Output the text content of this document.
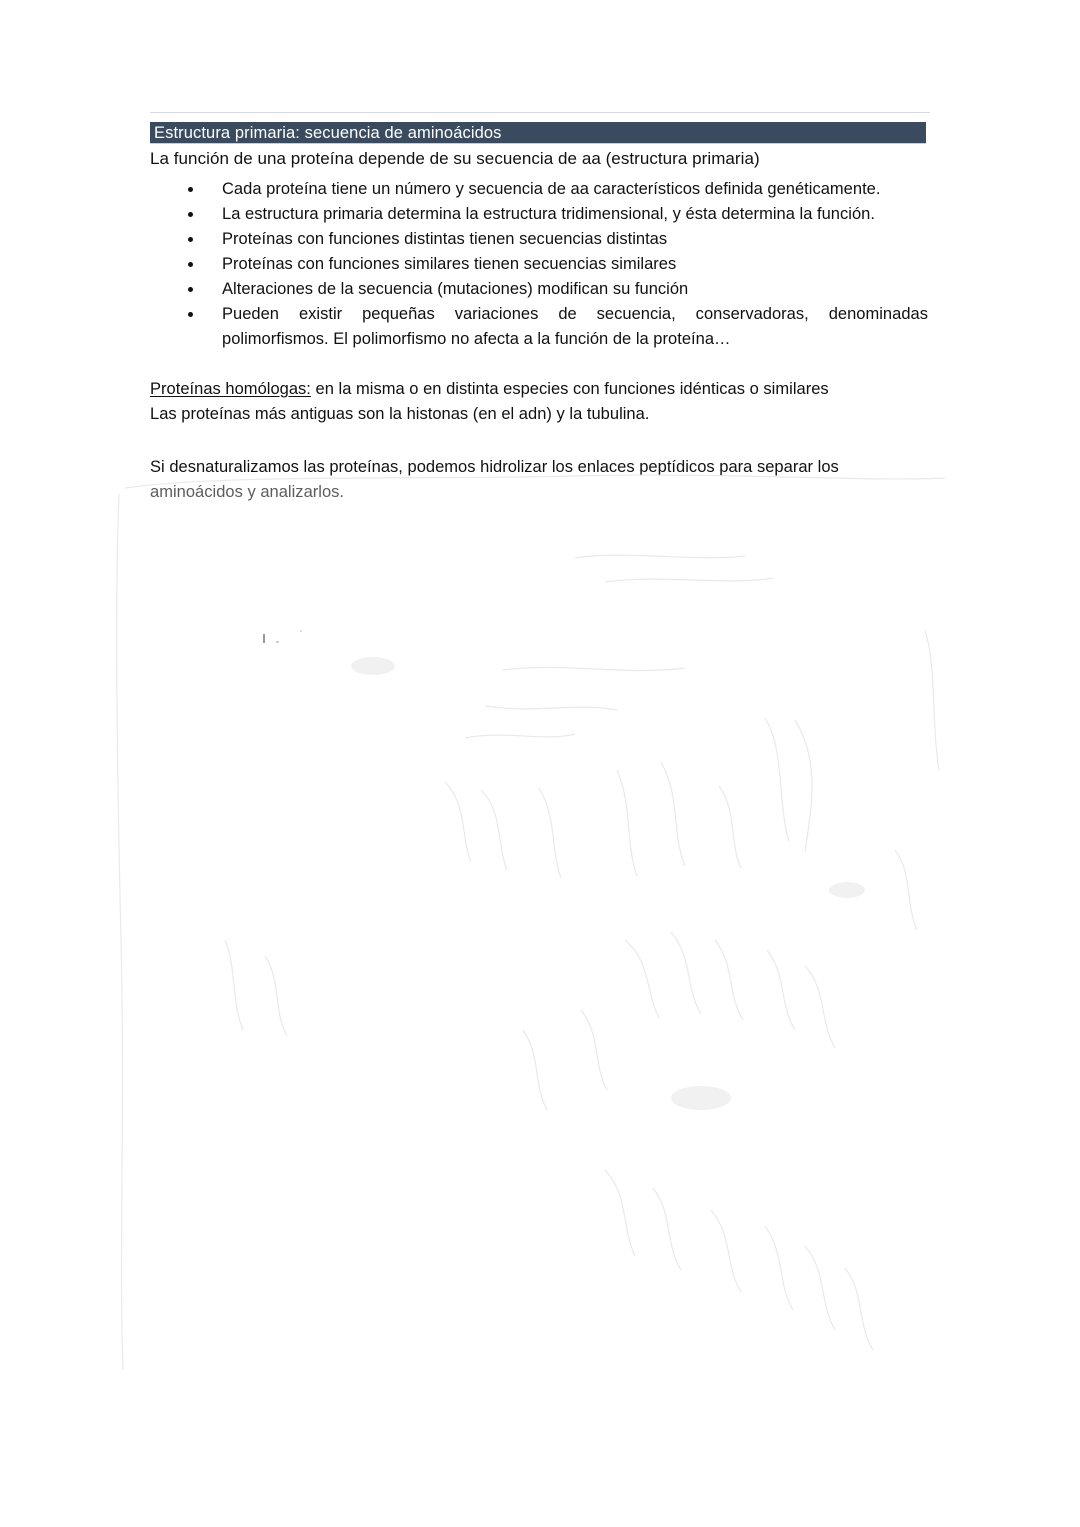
Estructura primaria: secuencia de aminoácidos
La función de una proteína depende de su secuencia de aa (estructura primaria)
Cada proteína tiene un número y secuencia de aa característicos definida genéticamente.
La estructura primaria determina la estructura tridimensional, y ésta determina la función.
Proteínas con funciones distintas tienen secuencias distintas
Proteínas con funciones similares tienen secuencias similares
Alteraciones de la secuencia (mutaciones) modifican su función
Pueden existir pequeñas variaciones de secuencia, conservadoras, denominadas polimorfismos. El polimorfismo no afecta a la función de la proteína…
Proteínas homólogas: en la misma o en distinta especies con funciones idénticas o similares
Las proteínas más antiguas son la histonas (en el adn) y la tubulina.
Si desnaturalizamos las proteínas, podemos hidrolizar los enlaces peptídicos para separar los
aminoácidos y analizarlos.
